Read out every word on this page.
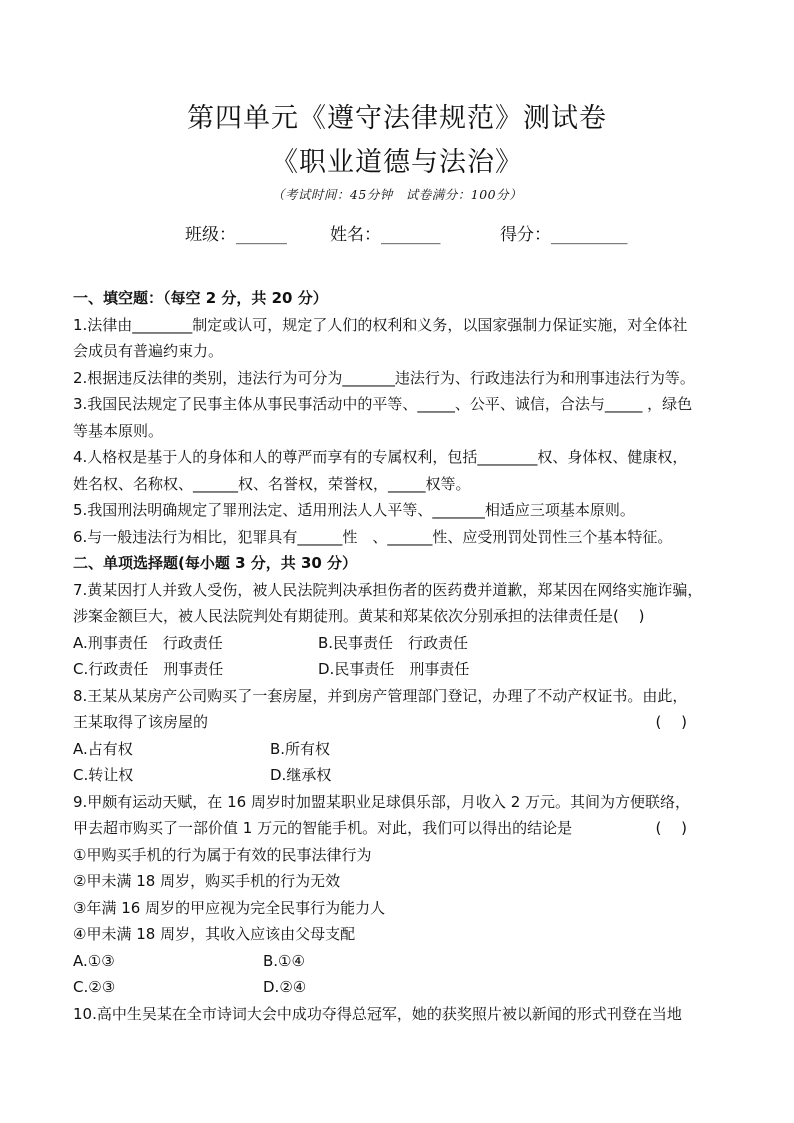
第四单元《遵守法律规范》测试卷
《职业道德与法治》
（考试时间：45分钟　试卷满分：100分）
班级：______	姓名：_______	得分：_________
一、填空题：（每空 2 分，共 20 分）
1.法律由________制定或认可，规定了人们的权利和义务，以国家强制力保证实施，对全体社
会成员有普遍约束力。
2.根据违反法律的类别，违法行为可分为_______违法行为、行政违法行为和刑事违法行为等。
3.我国民法规定了民事主体从事民事活动中的平等、_____、公平、诚信，合法与_____ ，绿色
等基本原则。
4.人格权是基于人的身体和人的尊严而享有的专属权利，包括________权、身体权、健康权，
姓名权、名称权、______权、名誉权，荣誉权，_____权等。
5.我国刑法明确规定了罪刑法定、适用刑法人人平等、_______相适应三项基本原则。
6.与一般违法行为相比，犯罪具有______性　、______性、应受刑罚处罚性三个基本特征。
二、单项选择题(每小题 3 分，共 30 分）
7.黄某因打人并致人受伤，被人民法院判决承担伤者的医药费并道歉，郑某因在网络实施诈骗，
涉案金额巨大，被人民法院判处有期徒刑。黄某和郑某依次分别承担的法律责任是(　 )
A.刑事责任　行政责任	B.民事责任　行政责任
C.行政责任　刑事责任	D.民事责任　刑事责任
8.王某从某房产公司购买了一套房屋，并到房产管理部门登记，办理了不动产权证书。由此，
王某取得了该房屋的	(　 )
A.占有权	B.所有权
C.转让权	D.继承权
9.甲颇有运动天赋，在 16 周岁时加盟某职业足球俱乐部，月收入 2 万元。其间为方便联络，
甲去超市购买了一部价值 1 万元的智能手机。对此，我们可以得出的结论是	(　 )
①甲购买手机的行为属于有效的民事法律行为
②甲未满 18 周岁，购买手机的行为无效
③年满 16 周岁的甲应视为完全民事行为能力人
④甲未满 18 周岁，其收入应该由父母支配
A.①③	B.①④
C.②③	D.②④
10.高中生吴某在全市诗词大会中成功夺得总冠军，她的获奖照片被以新闻的形式刊登在当地
